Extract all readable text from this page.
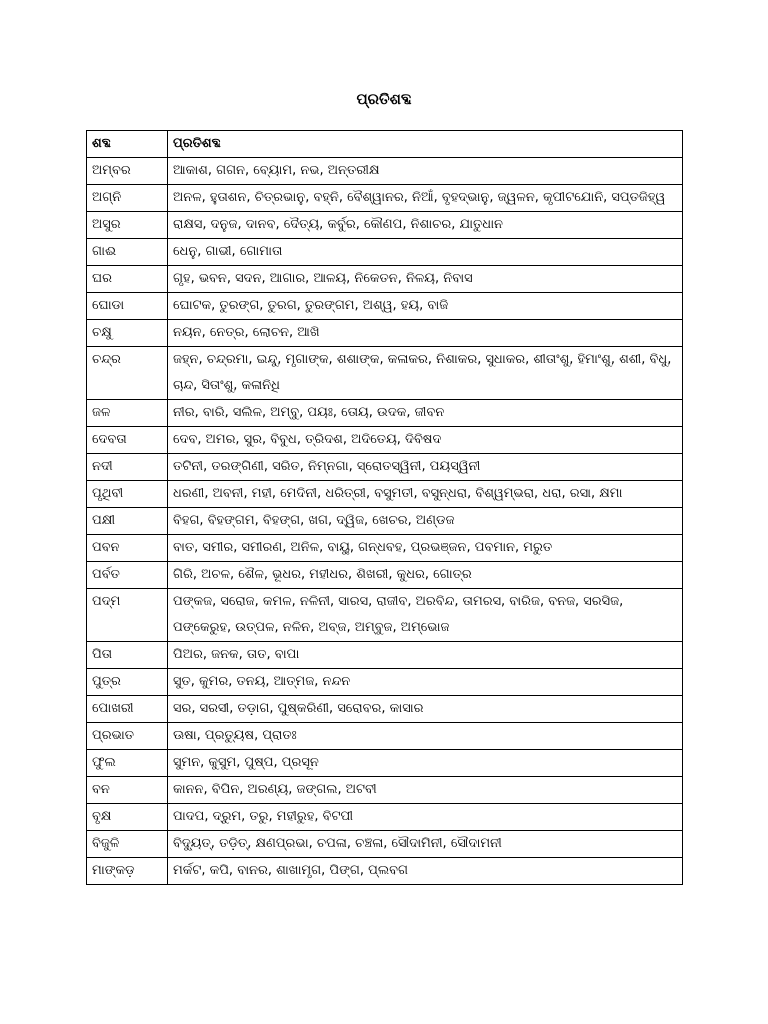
ପ୍ରତିଶବ୍ଦ
ଶବ୍ଦ	ପ୍ରତିଶବ୍ଦ
ଅମ୍ବର	ଆକାଶ, ଗଗନ, ବ୍ୟୋମ, ନଭ, ଅନ୍ତରୀକ୍ଷ
ଅଗ୍ନି	ଅନଳ, ହୁତାଶନ, ଚିତ୍ରଭାନୁ, ବହ୍ନି, ବୈଶ୍ୱାନର, ନିଆଁ, ବୃହଦ୍‌ଭାନୁ, ଜ୍ୱଳନ, କୃପୀଟଯୋନି, ସପ୍ତଜିହ୍ୱ
ଅସୁର	ରାକ୍ଷସ, ଦନୁଜ, ଦାନବ, ଦୈତ୍ୟ, କର୍ବୁର, କୌଣପ, ନିଶାଚର, ଯାତୁଧାନ
ଗାଈ	ଧେନୁ, ଗାଭୀ, ଗୋମାତା
ଘର	ଗୃହ, ଭବନ, ସଦନ, ଆଗାର, ଆଳୟ, ନିକେତନ, ନିଳୟ, ନିବାସ
ଘୋଡା	ଘୋଟକ, ତୁରଙ୍ଗ, ତୁରଗ, ତୁରଙ୍ଗମ, ଅଶ୍ୱ, ହୟ, ବାଜି
ଚକ୍ଷୁ	ନୟନ, ନେତ୍ର, ଲୋଚନ, ଆଖି
ଚନ୍ଦ୍ର	ଜହ୍ନ, ଚନ୍ଦ୍ରମା, ଇନ୍ଦୁ, ମୃଗାଙ୍କ, ଶଶାଙ୍କ, କଳାକର, ନିଶାକର, ସୁଧାକର, ଶୀତାଂଶୁ, ହିମାଂଶୁ, ଶଶୀ, ବିଧୁ, ଚାନ୍ଦ, ସିତାଂଶୁ, କଳାନିଧି
ଜଳ	ନୀର, ବାରି, ସଲିଳ, ଅମ୍ବୁ, ପୟଃ, ତୋୟ, ଉଦକ, ଜୀବନ
ଦେବତା	ଦେବ, ଅମର, ସୁର, ବିବୁଧ, ତ୍ରିଦଶ, ଅଦିତେୟ, ଦିବିଷଦ
ନଦୀ	ତଟିନୀ, ତରଙ୍ଗିଣୀ, ସରିତ, ନିମ୍ନଗା, ସ୍ରୋତସ୍ୱିନୀ, ପୟସ୍ୱିନୀ
ପୃଥିବୀ	ଧରଣୀ, ଅବନୀ, ମହୀ, ମେଦିନୀ, ଧରିତ୍ରୀ, ବସୁମତୀ, ବସୁନ୍ଧରା, ବିଶ୍ୱମ୍ଭରା, ଧରା, ରସା, କ୍ଷମା
ପକ୍ଷୀ	ବିହଗ, ବିହଙ୍ଗମ, ବିହଙ୍ଗ, ଖଗ, ଦ୍ୱିଜ, ଖେଚର, ଅଣ୍ଡଜ
ପବନ	ବାତ, ସମୀର, ସମୀରଣ, ଅନିଳ, ବାୟୁ, ଗନ୍ଧବହ, ପ୍ରଭଞ୍ଜନ, ପବମାନ, ମରୁତ
ପର୍ବତ	ଗିରି, ଅଚଳ, ଶୈଳ, ଭୂଧର, ମହୀଧର, ଶିଖରୀ, କୁଧର, ଗୋତ୍ର
ପଦ୍ମ	ପଙ୍କଜ, ସରୋଜ, କମଳ, ନଳିନୀ, ସାରସ, ରାଜୀବ, ଅରବିନ୍ଦ, ତାମରସ, ବାରିଜ, ବନଜ, ସରସିଜ, ପଙ୍କେରୁହ, ଉତ୍ପଳ, ନଳିନ, ଅବ୍ଜ, ଅମ୍ବୁଜ, ଅମ୍ଭୋଜ
ପିତା	ପିଅର, ଜନକ, ତାତ, ବାପା
ପୁତ୍ର	ସୁତ, କୁମର, ତନୟ, ଆତ୍ମଜ, ନନ୍ଦନ
ପୋଖରୀ	ସର, ସରସୀ, ତଡ଼ାଗ, ପୁଷ୍କରିଣୀ, ସରୋବର, କାସାର
ପ୍ରଭାତ	ଊଷା, ପ୍ରତ୍ୟୁଷ, ପ୍ରାତଃ
ଫୁଲ	ସୁମନ, କୁସୁମ, ପୁଷ୍ପ, ପ୍ରସୂନ
ବନ	କାନନ, ବିପିନ, ଅରଣ୍ୟ, ଜଙ୍ଗଲ, ଅଟବୀ
ବୃକ୍ଷ	ପାଦପ, ଦ୍ରୁମ, ତରୁ, ମହୀରୁହ, ବିଟପୀ
ବିଜୁଳି	ବିଦ୍ୟୁତ୍, ତଡ଼ିତ୍, କ୍ଷଣପ୍ରଭା, ଚପଳା, ଚଞ୍ଚଳା, ସୌଦାମିନୀ, ସୌଦାମନୀ
ମାଙ୍କଡ଼	ମର୍କଟ, କପି, ବାନର, ଶାଖାମୃଗ, ପିଙ୍ଗ, ପ୍ଲବଗ
